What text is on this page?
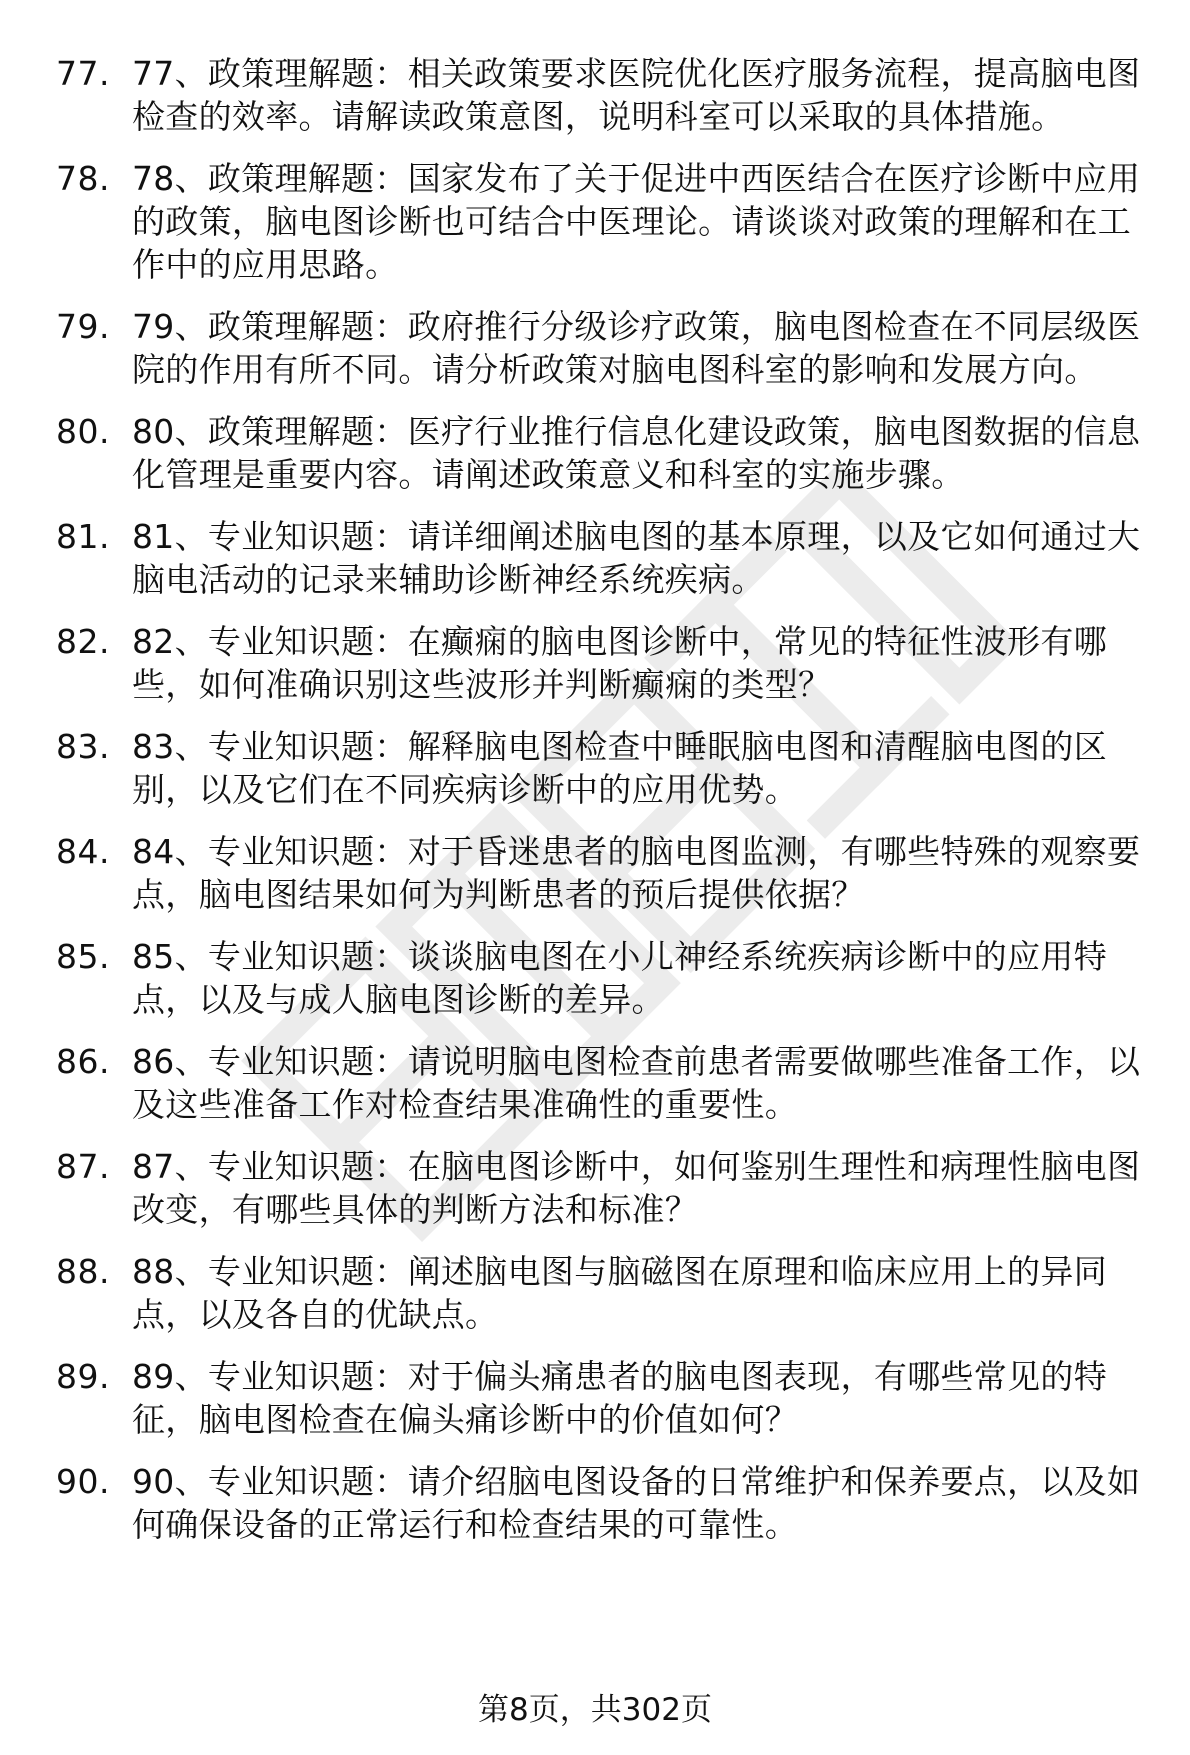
77. 77、政策理解题：相关政策要求医院优化医疗服务流程，提高脑电图检查的效率。请解读政策意图，说明科室可以采取的具体措施。
78. 78、政策理解题：国家发布了关于促进中西医结合在医疗诊断中应用的政策，脑电图诊断也可结合中医理论。请谈谈对政策的理解和在工作中的应用思路。
79. 79、政策理解题：政府推行分级诊疗政策，脑电图检查在不同层级医院的作用有所不同。请分析政策对脑电图科室的影响和发展方向。
80. 80、政策理解题：医疗行业推行信息化建设政策，脑电图数据的信息化管理是重要内容。请阐述政策意义和科室的实施步骤。
81. 81、专业知识题：请详细阐述脑电图的基本原理，以及它如何通过大脑电活动的记录来辅助诊断神经系统疾病。
82. 82、专业知识题：在癫痫的脑电图诊断中，常见的特征性波形有哪些，如何准确识别这些波形并判断癫痫的类型？
83. 83、专业知识题：解释脑电图检查中睡眠脑电图和清醒脑电图的区别，以及它们在不同疾病诊断中的应用优势。
84. 84、专业知识题：对于昏迷患者的脑电图监测，有哪些特殊的观察要点，脑电图结果如何为判断患者的预后提供依据？
85. 85、专业知识题：谈谈脑电图在小儿神经系统疾病诊断中的应用特点，以及与成人脑电图诊断的差异。
86. 86、专业知识题：请说明脑电图检查前患者需要做哪些准备工作，以及这些准备工作对检查结果准确性的重要性。
87. 87、专业知识题：在脑电图诊断中，如何鉴别生理性和病理性脑电图改变，有哪些具体的判断方法和标准？
88. 88、专业知识题：阐述脑电图与脑磁图在原理和临床应用上的异同点，以及各自的优缺点。
89. 89、专业知识题：对于偏头痛患者的脑电图表现，有哪些常见的特征，脑电图检查在偏头痛诊断中的价值如何？
90. 90、专业知识题：请介绍脑电图设备的日常维护和保养要点，以及如何确保设备的正常运行和检查结果的可靠性。
第8页，共302页
